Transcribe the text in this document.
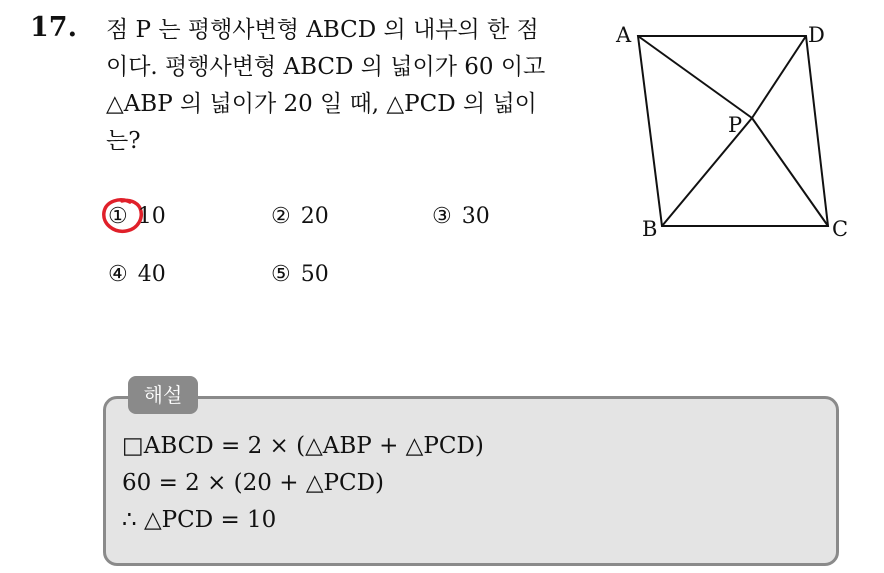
17. 점 P 는 평행사변형 ABCD 의 내부의 한 점
이다. 평행사변형 ABCD 의 넓이가 60 이고
△ABP 의 넓이가 20 일 때, △PCD 의 넓이
는?
① 10	② 20	③ 30
④ 40	⑤ 50
A	D
P
B	C
해설
□ABCD = 2 × (△ABP + △PCD)
60 = 2 × (20 + △PCD)
∴ △PCD = 10
